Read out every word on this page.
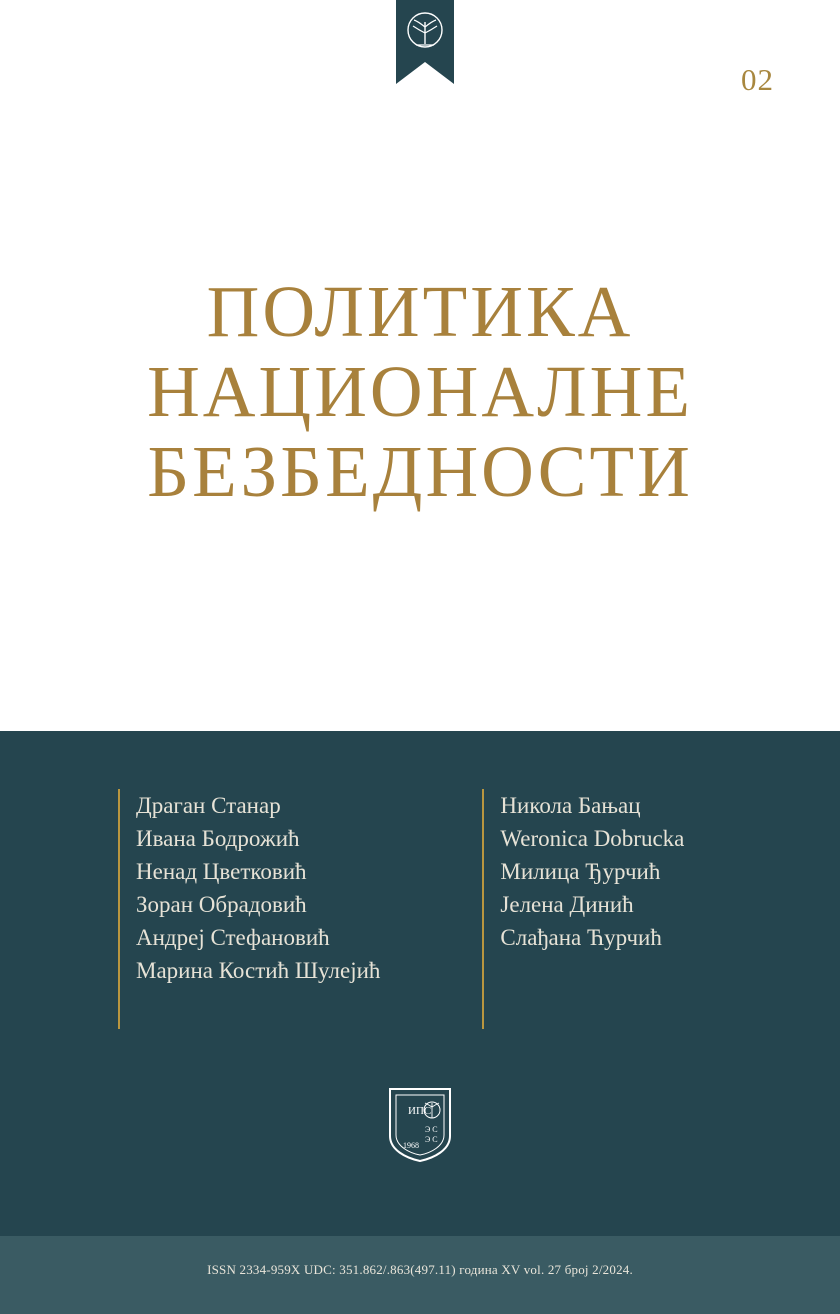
02
ПОЛИТИКА
НАЦИОНАЛНЕ
БЕЗБЕДНОСТИ
Драган Станар
Ивана Бодрожић
Ненад Цветковић
Зоран Обрадовић
Андреј Стефановић
Марина Костић Шулејић
Никола Бањац
Weronica Dobrucka
Милица Ђурчић
Јелена Динић
Слађана Ћурчић
ИПС
1968
Э С
Э С
ISSN 2334-959X UDC: 351.862/.863(497.11) година XV vol. 27 број 2/2024.
